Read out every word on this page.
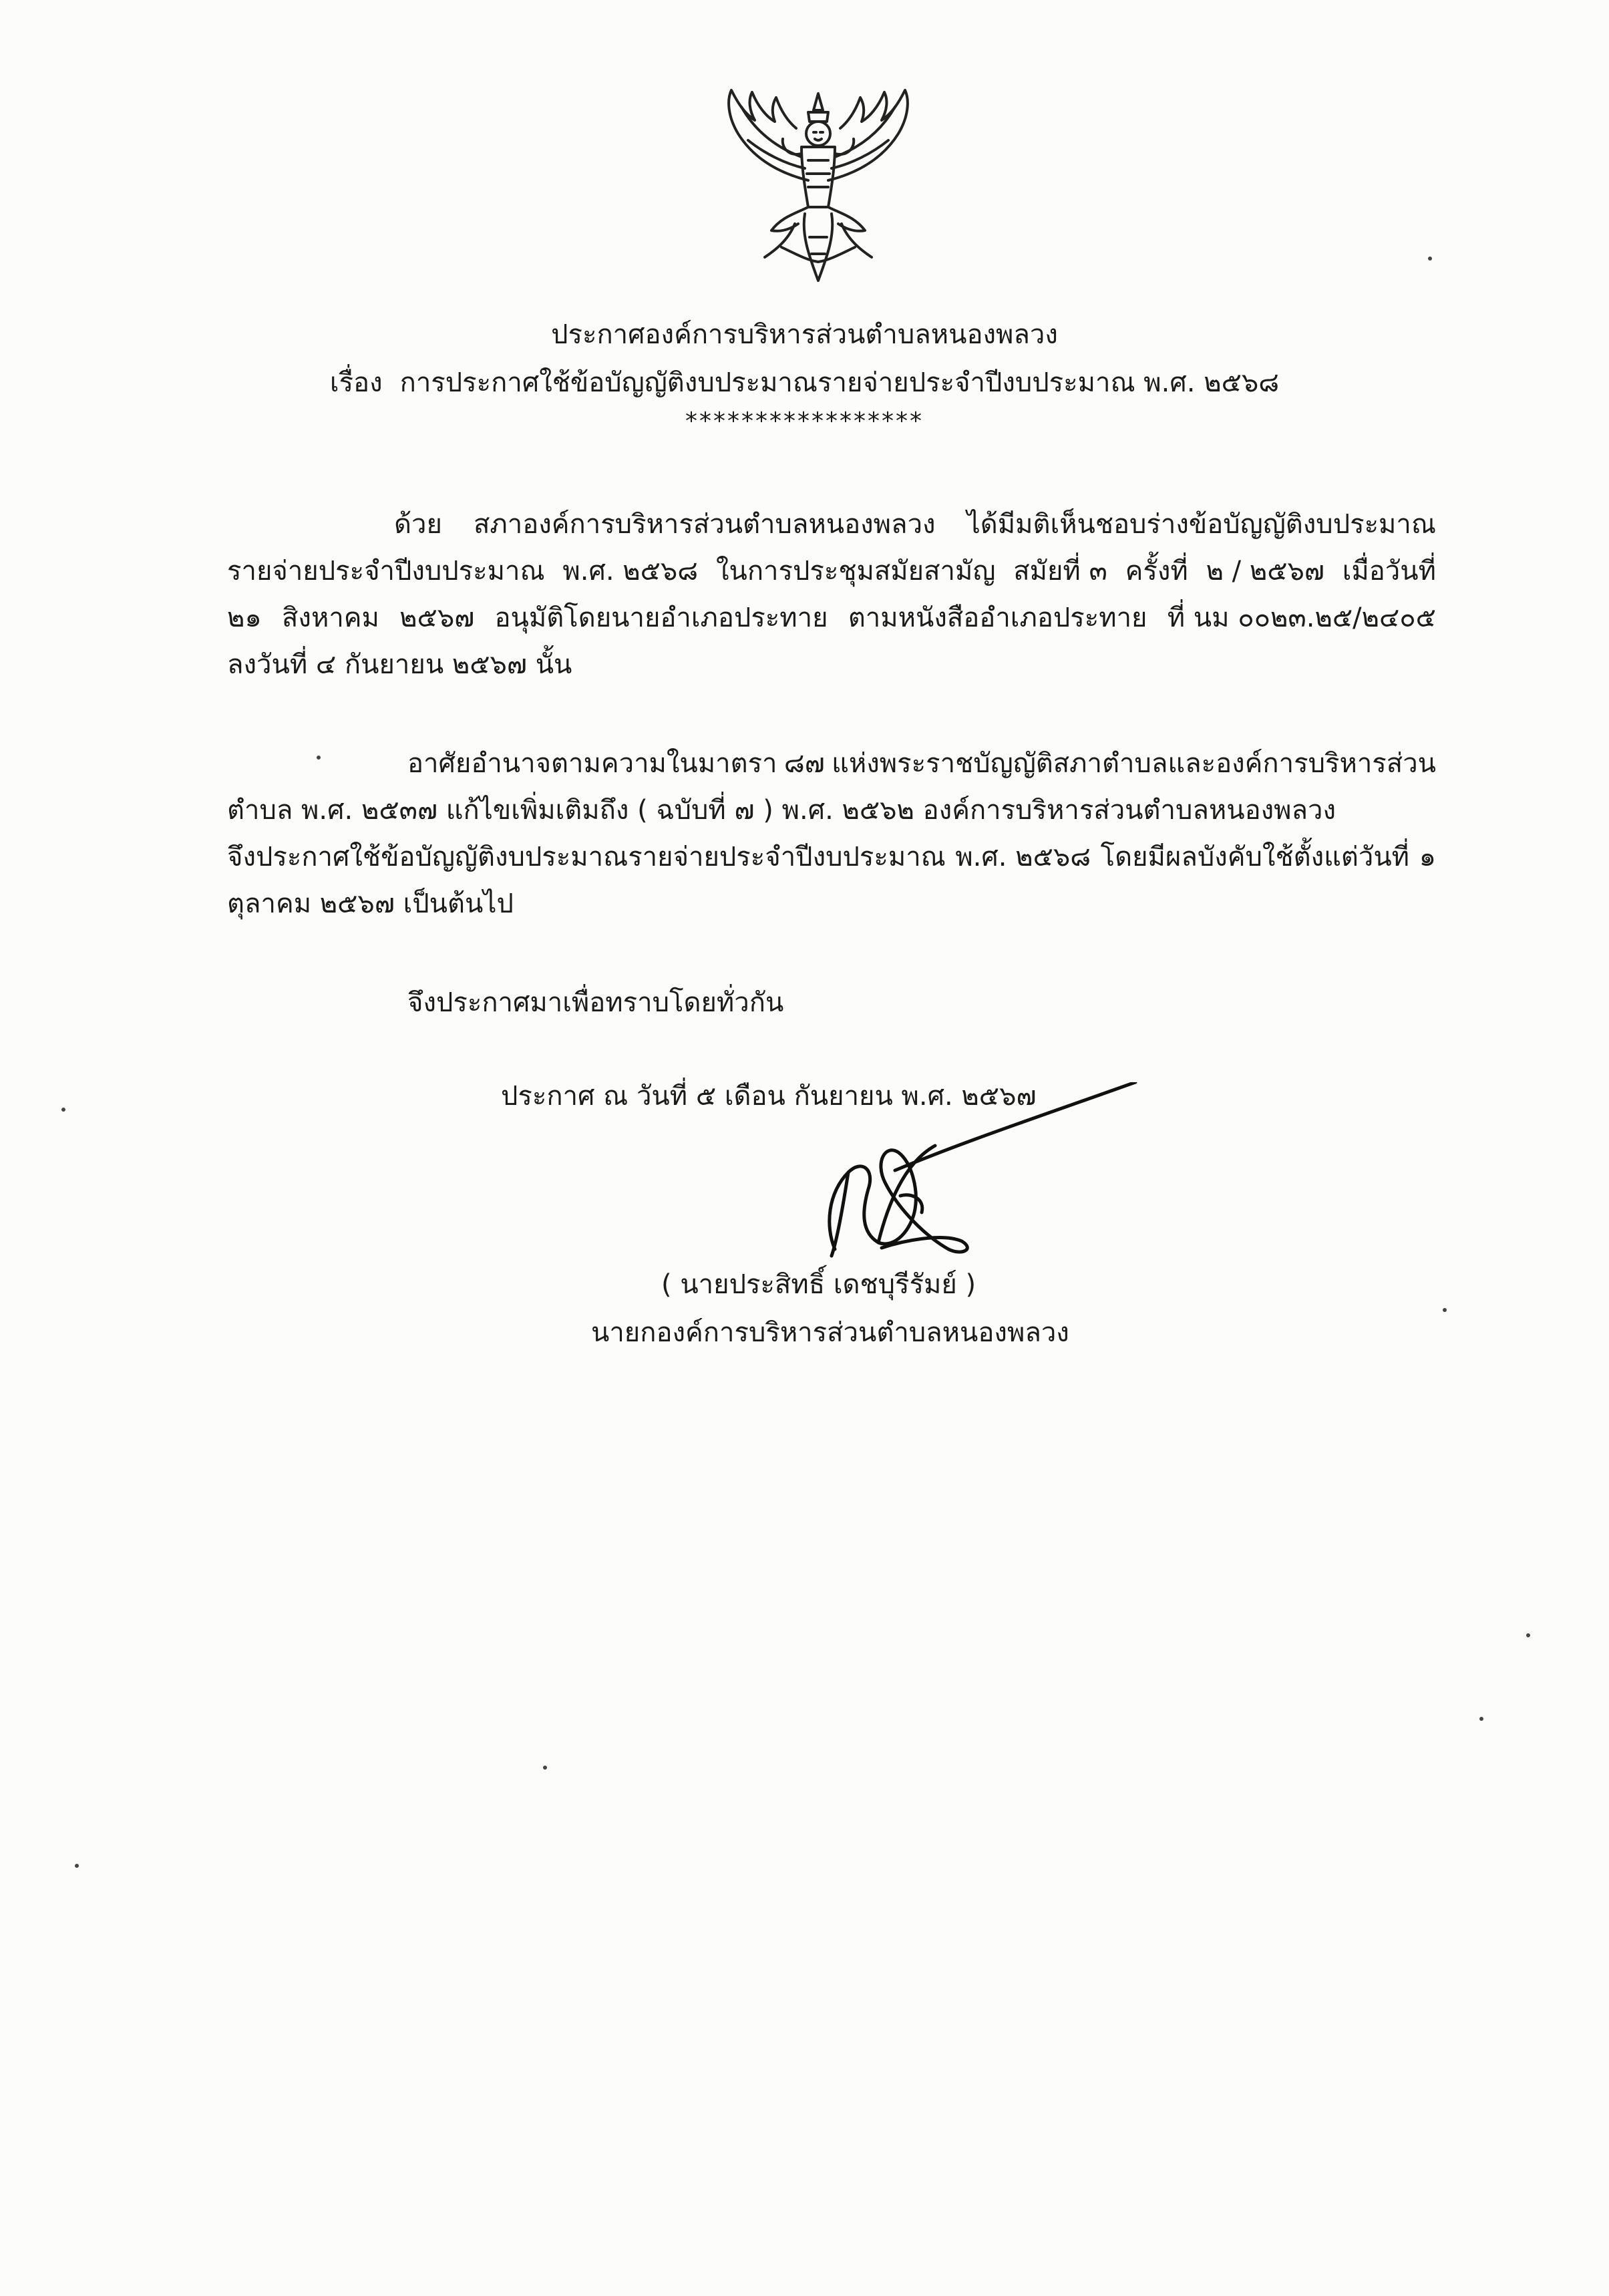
ประกาศองค์การบริหารส่วนตำบลหนองพลวง
เรื่อง การประกาศใช้ข้อบัญญัติงบประมาณรายจ่ายประจำปีงบประมาณ พ.ศ. ๒๕๖๘
*****************
ด้วย สภาองค์การบริหารส่วนตำบลหนองพลวง ได้มีมติเห็นชอบร่างข้อบัญญัติงบประมาณ
รายจ่ายประจำปีงบประมาณ พ.ศ. ๒๕๖๘ ในการประชุมสมัยสามัญ สมัยที่ ๓ ครั้งที่ ๒ / ๒๕๖๗ เมื่อวันที่
๒๑ สิงหาคม ๒๕๖๗ อนุมัติโดยนายอำเภอประทาย ตามหนังสืออำเภอประทาย ที่ นม ๐๐๒๓.๒๕/๒๔๐๕
ลงวันที่ ๔ กันยายน ๒๕๖๗ นั้น
อาศัยอำนาจตามความในมาตรา ๘๗ แห่งพระราชบัญญัติสภาตำบลและองค์การบริหารส่วน
ตำบล พ.ศ. ๒๕๓๗ แก้ไขเพิ่มเติมถึง ( ฉบับที่ ๗ ) พ.ศ. ๒๕๖๒ องค์การบริหารส่วนตำบลหนองพลวง
จึงประกาศใช้ข้อบัญญัติงบประมาณรายจ่ายประจำปีงบประมาณ พ.ศ. ๒๕๖๘ โดยมีผลบังคับใช้ตั้งแต่วันที่ ๑
ตุลาคม ๒๕๖๗ เป็นต้นไป
จึงประกาศมาเพื่อทราบโดยทั่วกัน
ประกาศ ณ วันที่ ๕ เดือน กันยายน พ.ศ. ๒๕๖๗
( นายประสิทธิ์ เดชบุรีรัมย์ )
นายกองค์การบริหารส่วนตำบลหนองพลวง
